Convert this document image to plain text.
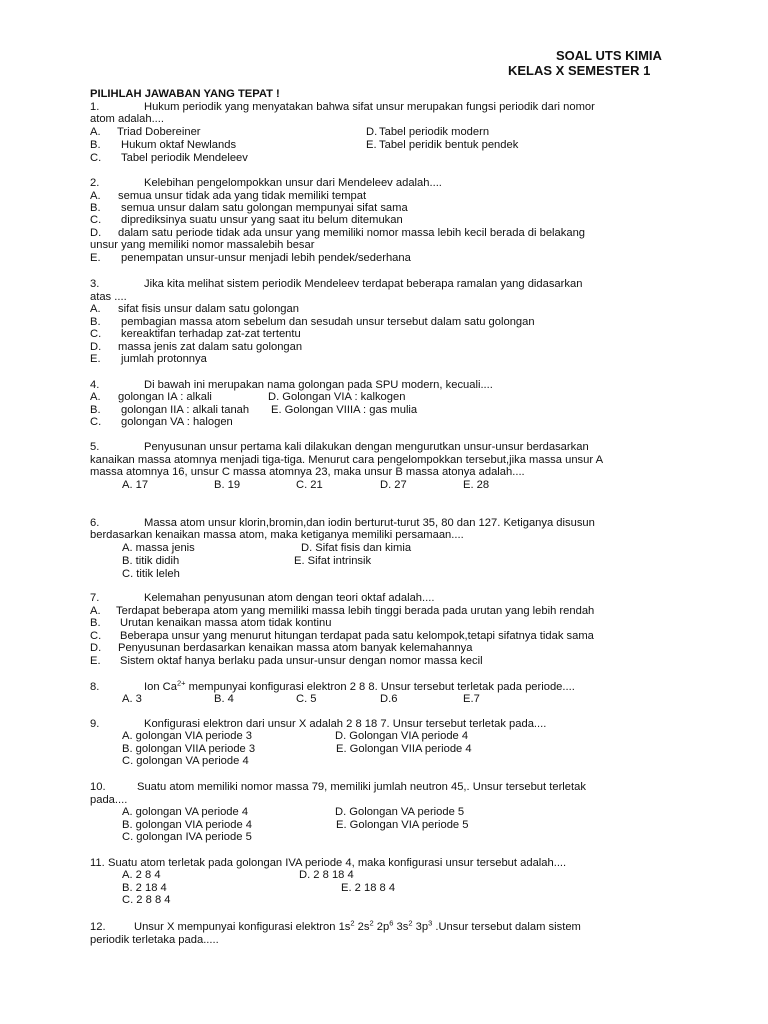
SOAL UTS KIMIA
KELAS X SEMESTER 1
PILIHLAH JAWABAN YANG TEPAT !
1.	Hukum periodik yang menyatakan bahwa sifat unsur merupakan fungsi periodik dari nomor
atom adalah....
A. Triad Dobereiner
B. Hukum oktaf Newlands
C. Tabel periodik Mendeleev
D. Tabel periodik modern
E. Tabel peridik bentuk pendek
2.	Kelebihan pengelompokkan unsur dari Mendeleev adalah....
A. semua unsur tidak ada yang tidak memiliki tempat
B. semua unsur dalam satu golongan mempunyai sifat sama
C. diprediksinya suatu unsur yang saat itu belum ditemukan
D. dalam satu periode tidak ada unsur yang memiliki nomor massa lebih kecil berada di belakang
unsur yang memiliki nomor massalebih besar
E. penempatan unsur-unsur menjadi lebih pendek/sederhana
3.	Jika kita melihat sistem periodik Mendeleev terdapat beberapa ramalan yang didasarkan
atas ....
A. sifat fisis unsur dalam satu golongan
B. pembagian massa atom sebelum dan sesudah unsur tersebut dalam satu golongan
C. kereaktifan terhadap zat-zat tertentu
D. massa jenis zat dalam satu golongan
E. jumlah protonnya
4.	Di bawah ini merupakan nama golongan pada SPU modern, kecuali....
A. golongan IA : alkali	D. Golongan VIA : kalkogen
B. golongan IIA : alkali tanah E. Golongan VIIIA : gas mulia
C. golongan VA : halogen
5.	Penyusunan unsur pertama kali dilakukan dengan mengurutkan unsur-unsur berdasarkan
kanaikan massa atomnya menjadi tiga-tiga. Menurut cara pengelompokkan tersebut,jika massa unsur A
massa atomnya 16, unsur C massa atomnya 23, maka unsur B massa atonya adalah....
A. 17	B. 19	C. 21	D. 27	E. 28
6.	Massa atom unsur klorin,bromin,dan iodin berturut-turut 35, 80 dan 127. Ketiganya disusun
berdasarkan kenaikan massa atom, maka ketiganya memiliki persamaan....
A. massa jenis	D. Sifat fisis dan kimia
B. titik didih	E. Sifat intrinsik
C. titik leleh
7.	Kelemahan penyusunan atom dengan teori oktaf adalah....
A. Terdapat beberapa atom yang memiliki massa lebih tinggi berada pada urutan yang lebih rendah
B. Urutan kenaikan massa atom tidak kontinu
C. Beberapa unsur yang menurut hitungan terdapat pada satu kelompok,tetapi sifatnya tidak sama
D. Penyusunan berdasarkan kenaikan massa atom banyak kelemahannya
E. Sistem oktaf hanya berlaku pada unsur-unsur dengan nomor massa kecil
8.	Ion $Ca^{2+}$ mempunyai konfigurasi elektron 2 8 8. Unsur tersebut terletak pada periode....
A. 3	B. 4	C. 5	D.6	E.7
9.	Konfigurasi elektron dari unsur X adalah 2 8 18 7. Unsur tersebut terletak pada....
A. golongan VIA periode 3	D. Golongan VIA periode 4
B. golongan VIIA periode 3	E. Golongan VIIA periode 4
C. golongan VA periode 4
10.	Suatu atom memiliki nomor massa 79, memiliki jumlah neutron 45,. Unsur tersebut terletak
pada....
A. golongan VA periode 4	D. Golongan VA periode 5
B. golongan VIA periode 4	E. Golongan VIA periode 5
C. golongan IVA periode 5
11. Suatu atom terletak pada golongan IVA periode 4, maka konfigurasi unsur tersebut adalah....
A. 2 8 4	D. 2 8 18 4
B. 2 18 4	E. 2 18 8 4
C. 2 8 8 4
12.	Unsur X mempunyai konfigurasi elektron $1s^2$ $2s^2$ $2p^6$ $3s^2$ $3p^3$ .Unsur tersebut dalam sistem
periodik terletaka pada.....
